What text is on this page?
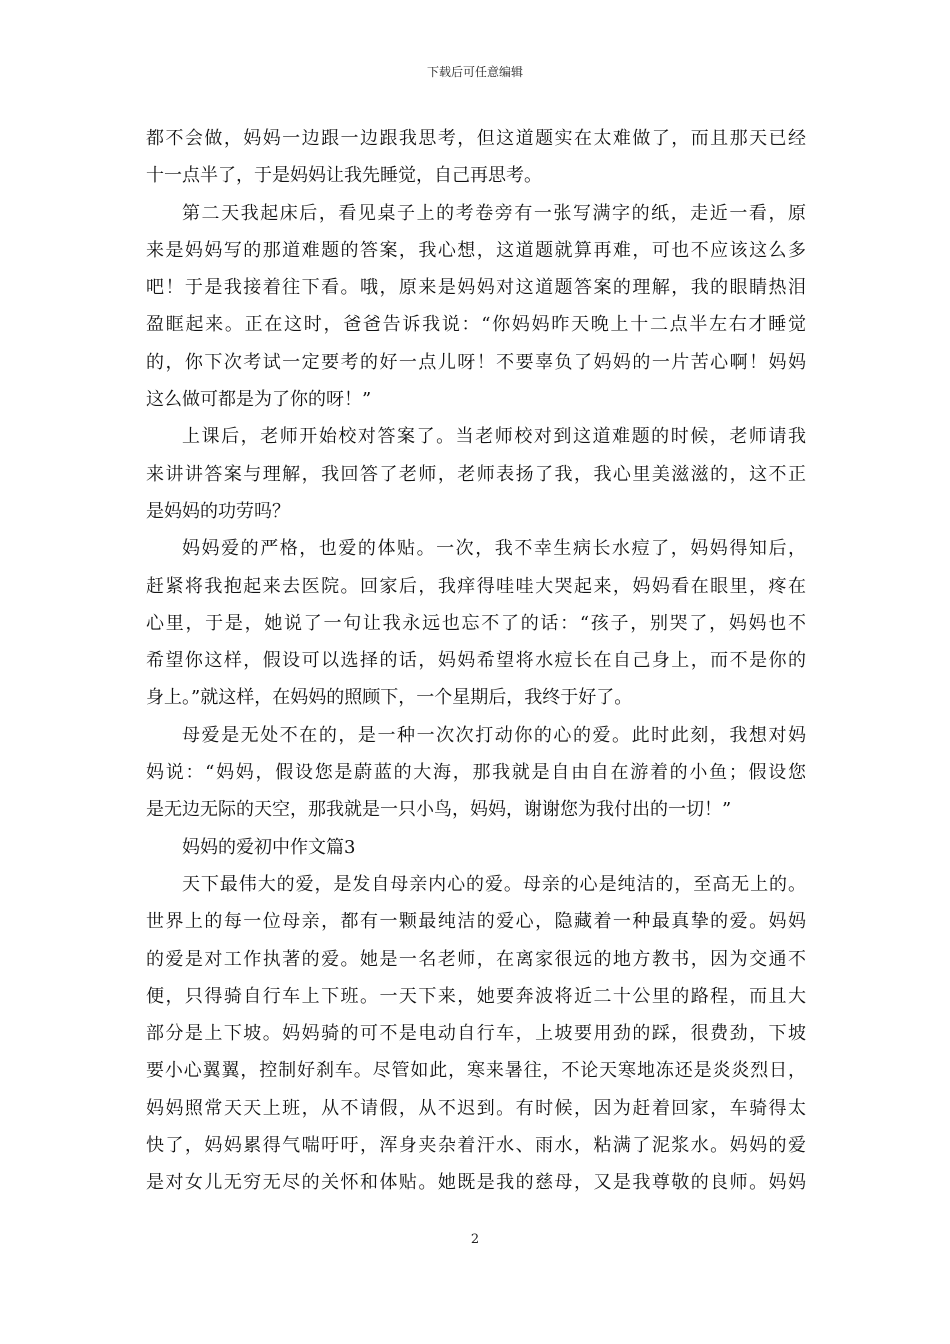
下载后可任意编辑
都不会做，妈妈一边跟一边跟我思考，但这道题实在太难做了，而且那天已经
十一点半了，于是妈妈让我先睡觉，自己再思考。
第二天我起床后，看见桌子上的考卷旁有一张写满字的纸，走近一看，原
来是妈妈写的那道难题的答案，我心想，这道题就算再难，可也不应该这么多
吧！于是我接着往下看。哦，原来是妈妈对这道题答案的理解，我的眼睛热泪
盈眶起来。正在这时，爸爸告诉我说：“你妈妈昨天晚上十二点半左右才睡觉
的，你下次考试一定要考的好一点儿呀！不要辜负了妈妈的一片苦心啊！妈妈
这么做可都是为了你的呀！”
上课后，老师开始校对答案了。当老师校对到这道难题的时候，老师请我
来讲讲答案与理解，我回答了老师，老师表扬了我，我心里美滋滋的，这不正
是妈妈的功劳吗？
妈妈爱的严格，也爱的体贴。一次，我不幸生病长水痘了，妈妈得知后，
赶紧将我抱起来去医院。回家后，我痒得哇哇大哭起来，妈妈看在眼里，疼在
心里，于是，她说了一句让我永远也忘不了的话：“孩子，别哭了，妈妈也不
希望你这样，假设可以选择的话，妈妈希望将水痘长在自己身上，而不是你的
身上。”就这样，在妈妈的照顾下，一个星期后，我终于好了。
母爱是无处不在的，是一种一次次打动你的心的爱。此时此刻，我想对妈
妈说：“妈妈，假设您是蔚蓝的大海，那我就是自由自在游着的小鱼；假设您
是无边无际的天空，那我就是一只小鸟，妈妈，谢谢您为我付出的一切！”
妈妈的爱初中作文篇3
天下最伟大的爱，是发自母亲内心的爱。母亲的心是纯洁的，至高无上的。
世界上的每一位母亲，都有一颗最纯洁的爱心，隐藏着一种最真挚的爱。妈妈
的爱是对工作执著的爱。她是一名老师，在离家很远的地方教书，因为交通不
便，只得骑自行车上下班。一天下来，她要奔波将近二十公里的路程，而且大
部分是上下坡。妈妈骑的可不是电动自行车，上坡要用劲的踩，很费劲，下坡
要小心翼翼，控制好刹车。尽管如此，寒来暑往，不论天寒地冻还是炎炎烈日，
妈妈照常天天上班，从不请假，从不迟到。有时候，因为赶着回家，车骑得太
快了，妈妈累得气喘吁吁，浑身夹杂着汗水、雨水，粘满了泥浆水。妈妈的爱
是对女儿无穷无尽的关怀和体贴。她既是我的慈母，又是我尊敬的良师。妈妈
2
